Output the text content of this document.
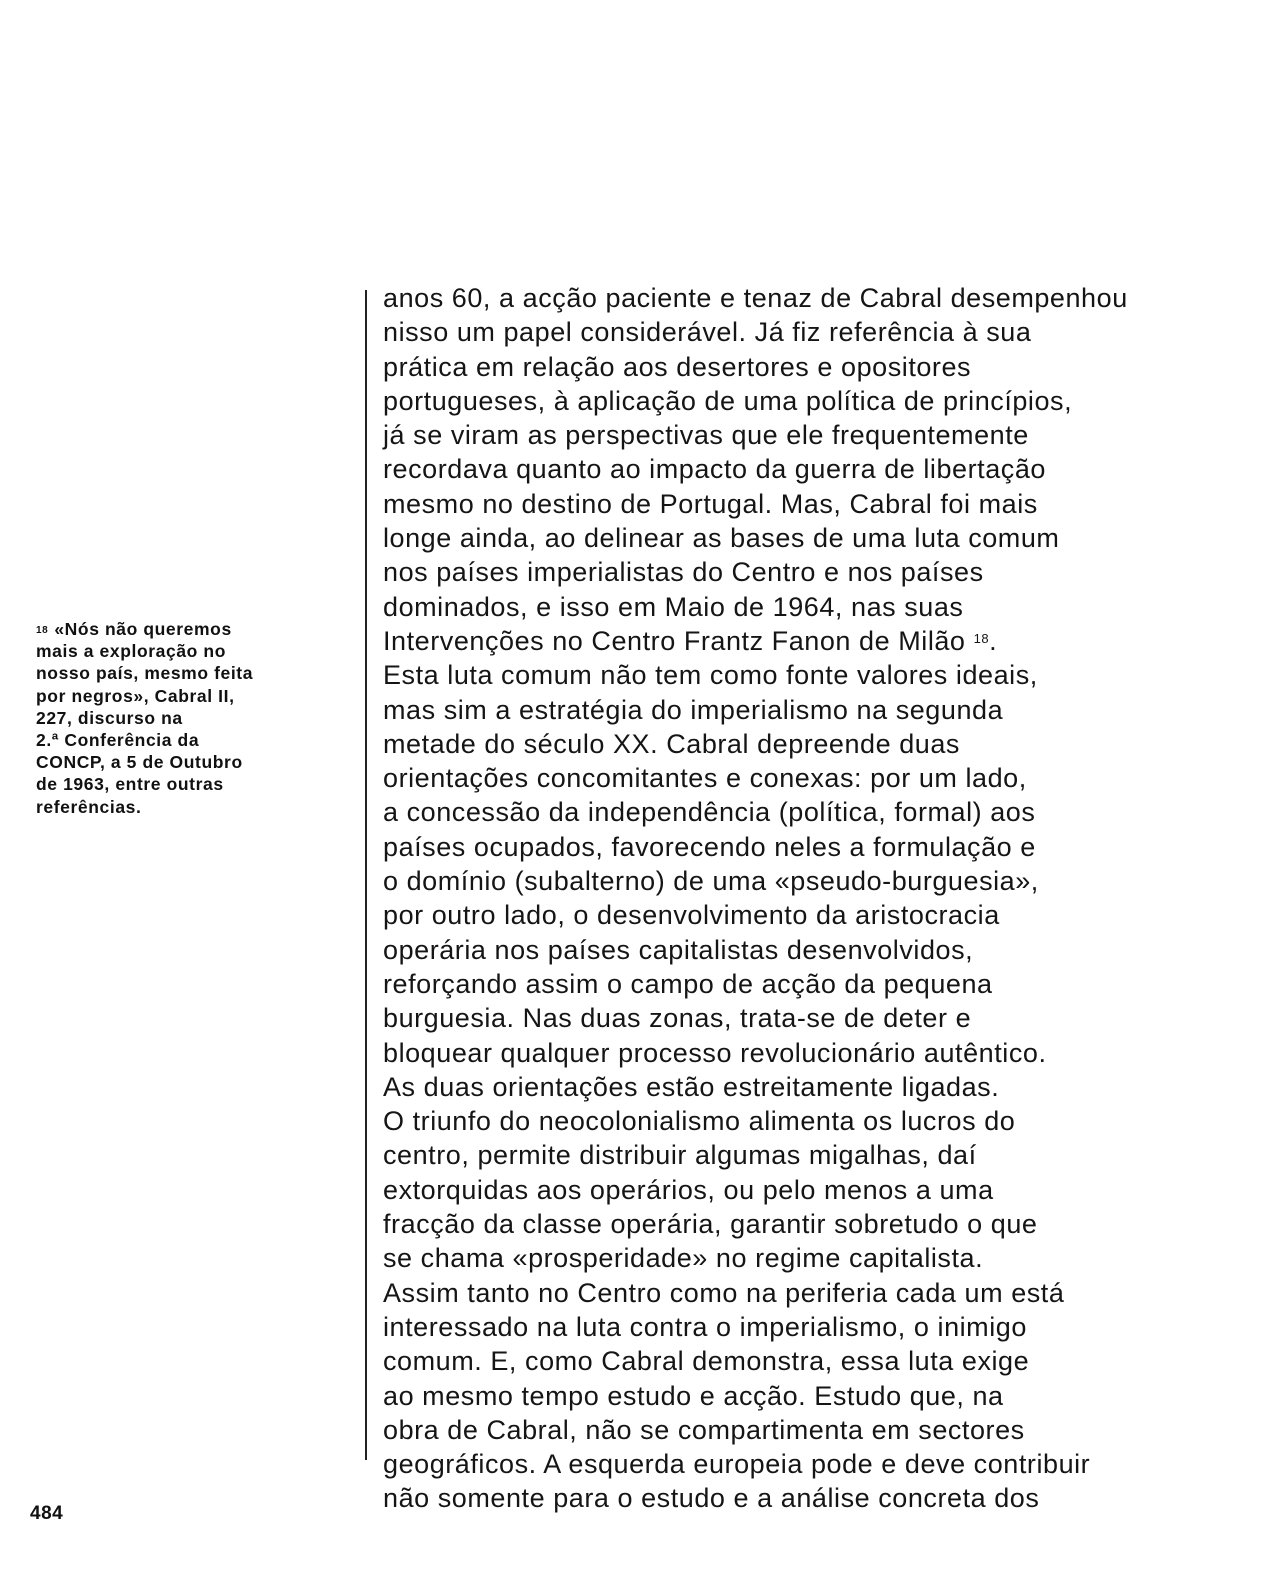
$^{18}$ «Nós não queremos
mais a exploração no
nosso país, mesmo feita
por negros», Cabral II,
227, discurso na
2.ª Conferência da
CONCP, a 5 de Outubro
de 1963, entre outras
referências.
anos 60, a acção paciente e tenaz de Cabral desempenhou
nisso um papel considerável. Já fiz referência à sua
prática em relação aos desertores e opositores
portugueses, à aplicação de uma política de princípios,
já se viram as perspectivas que ele frequentemente
recordava quanto ao impacto da guerra de libertação
mesmo no destino de Portugal. Mas, Cabral foi mais
longe ainda, ao delinear as bases de uma luta comum
nos países imperialistas do Centro e nos países
dominados, e isso em Maio de 1964, nas suas
Intervenções no Centro Frantz Fanon de Milão $^{18}$.
Esta luta comum não tem como fonte valores ideais,
mas sim a estratégia do imperialismo na segunda
metade do século XX. Cabral depreende duas
orientações concomitantes e conexas: por um lado,
a concessão da independência (política, formal) aos
países ocupados, favorecendo neles a formulação e
o domínio (subalterno) de uma «pseudo-burguesia»,
por outro lado, o desenvolvimento da aristocracia
operária nos países capitalistas desenvolvidos,
reforçando assim o campo de acção da pequena
burguesia. Nas duas zonas, trata-se de deter e
bloquear qualquer processo revolucionário autêntico.
As duas orientações estão estreitamente ligadas.
O triunfo do neocolonialismo alimenta os lucros do
centro, permite distribuir algumas migalhas, daí
extorquidas aos operários, ou pelo menos a uma
fracção da classe operária, garantir sobretudo o que
se chama «prosperidade» no regime capitalista.
Assim tanto no Centro como na periferia cada um está
interessado na luta contra o imperialismo, o inimigo
comum. E, como Cabral demonstra, essa luta exige
ao mesmo tempo estudo e acção. Estudo que, na
obra de Cabral, não se compartimenta em sectores
geográficos. A esquerda europeia pode e deve contribuir
não somente para o estudo e a análise concreta dos
484
